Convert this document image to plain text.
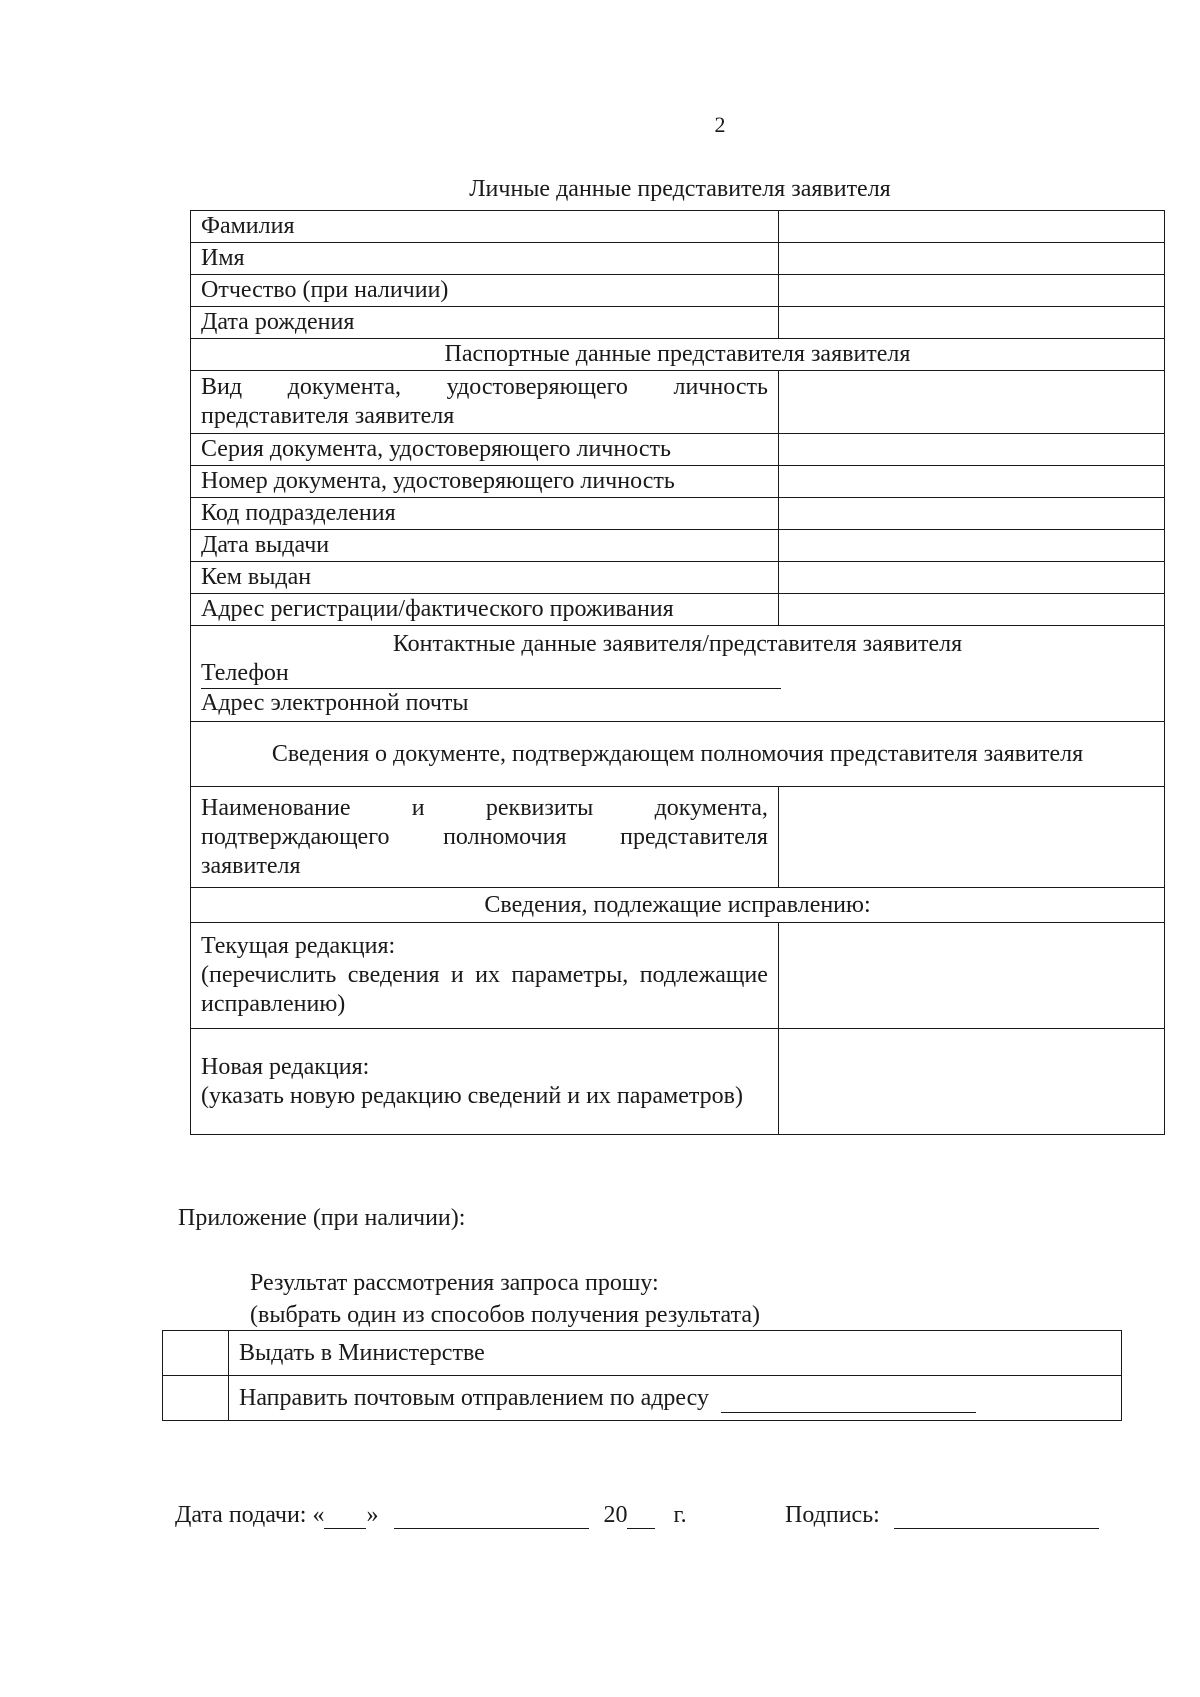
2
Личные данные представителя заявителя
Фамилия	
Имя	
Отчество (при наличии)	
Дата рождения	
Паспортные данные представителя заявителя	
Вид документа, удостоверяющего личность представителя заявителя	
Серия документа, удостоверяющего личность	
Номер документа, удостоверяющего личность	
Код подразделения	
Дата выдачи	
Кем выдан	
Адрес регистрации/фактического проживания	

Контактные данные заявителя/представителя заявителя
Телефон
Адрес электронной почты	

Сведения о документе, подтверждающем полномочия представителя заявителя	
Наименование и реквизиты документа, подтверждающего полномочия представителя заявителя	
Сведения, подлежащие исправлению:	

Текущая редакция:
(перечислить сведения и их параметры, подлежащие исправлению)	

Новая редакция:
(указать новую редакцию сведений и их параметров)	
Приложение (при наличии):
Результат рассмотрения запроса прошу:
(выбрать один из способов получения результата)
	Выдать в Министерстве
	Направить почтовым отправлением по адресу
Дата подачи: « »	20 г.	Подпись:
